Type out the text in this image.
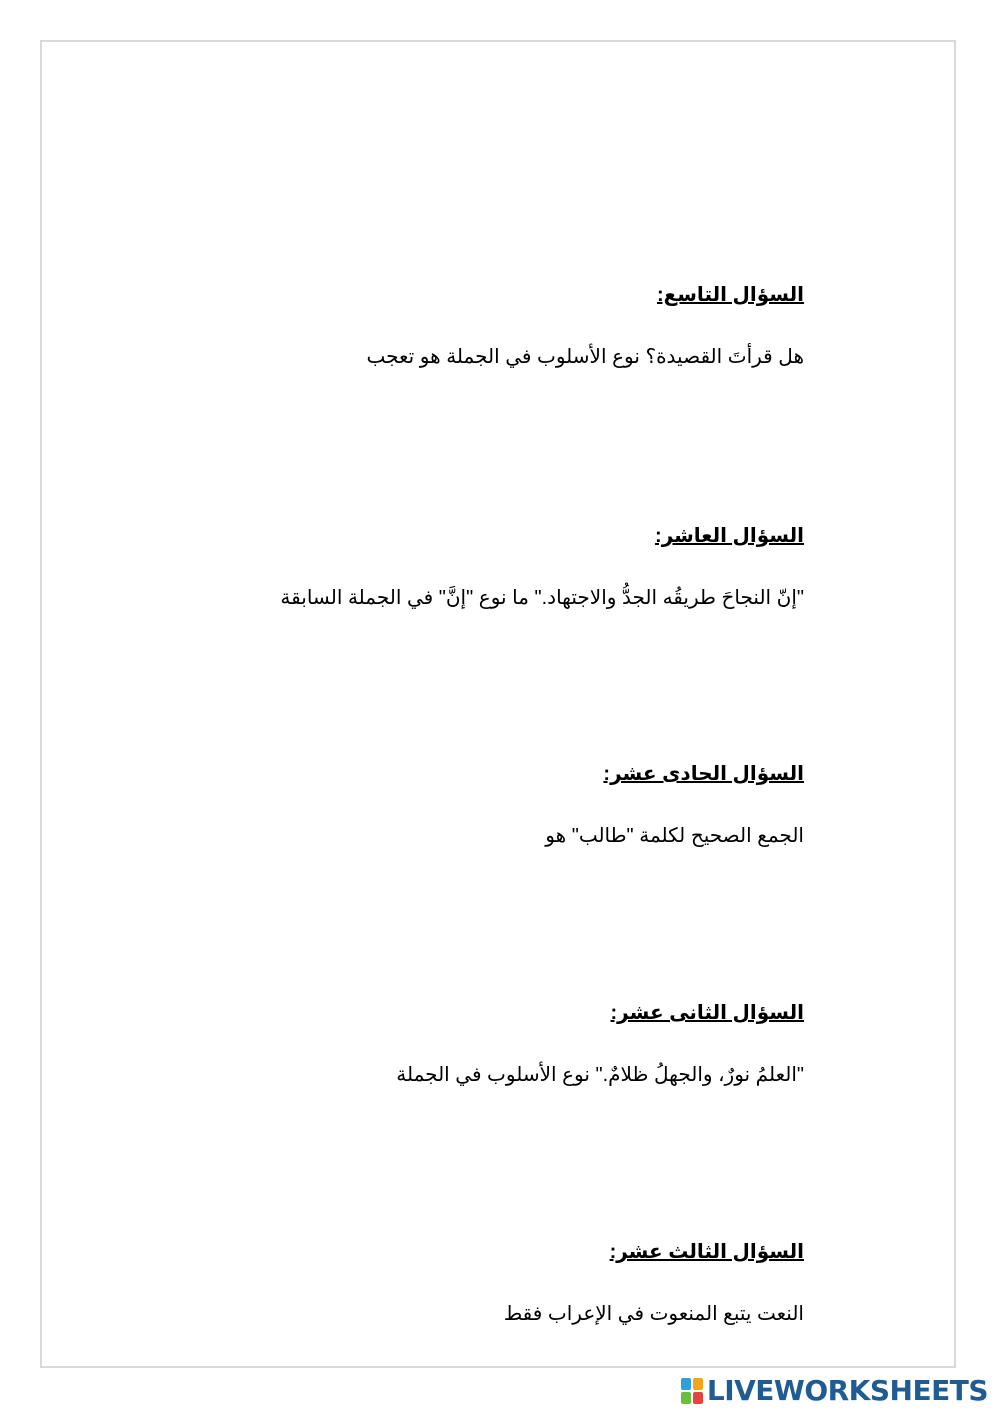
السؤال التاسع:

هل قرأتَ القصيدة؟ نوع الأسلوب في الجملة هو تعجب

السؤال العاشر:

"إنّ النجاحَ طريقُه الجدُّ والاجتهاد." ما نوع "إنَّ" في الجملة السابقة

السؤال الحادى عشر:

الجمع الصحيح لكلمة "طالب" هو

السؤال الثانى عشر:

"العلمُ نورٌ، والجهلُ ظلامٌ." نوع الأسلوب في الجملة

السؤال الثالث عشر:

النعت يتبع المنعوت في الإعراب فقط
LIVEWORKSHEETS
